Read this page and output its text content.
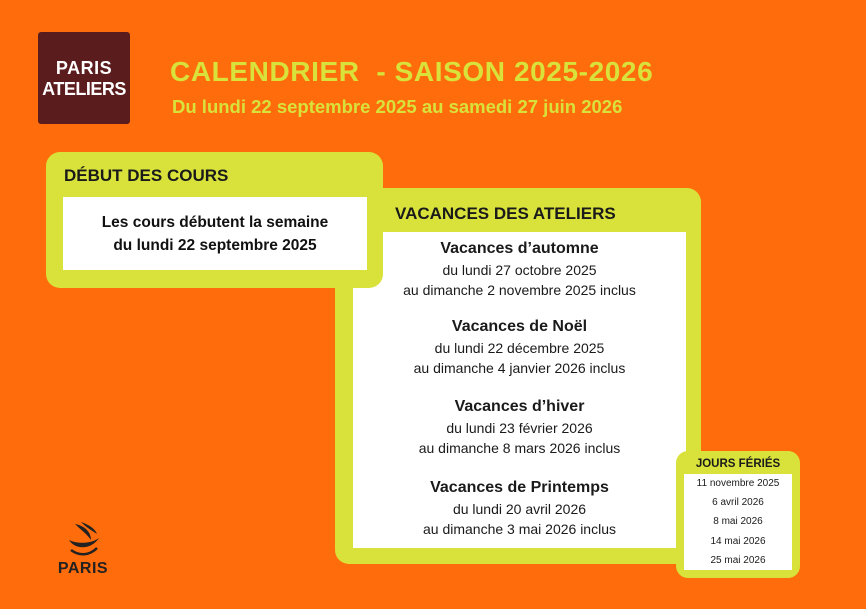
PARIS
ATELIERS
CALENDRIER  - SAISON 2025-2026
Du lundi 22 septembre 2025 au samedi 27 juin 2026
DÉBUT DES COURS
Les cours débutent la semaine
du lundi 22 septembre 2025
VACANCES DES ATELIERS
Vacances d’automne
du lundi 27 octobre 2025
au dimanche 2 novembre 2025 inclus
Vacances de Noël
du lundi 22 décembre 2025
au dimanche 4 janvier 2026 inclus
Vacances d’hiver
du lundi 23 février 2026
au dimanche 8 mars 2026 inclus
Vacances de Printemps
du lundi 20 avril 2026
au dimanche 3 mai 2026 inclus
JOURS FÉRIÉS
11 novembre 2025
6 avril 2026
8 mai 2026
14 mai 2026
25 mai 2026
PARIS
